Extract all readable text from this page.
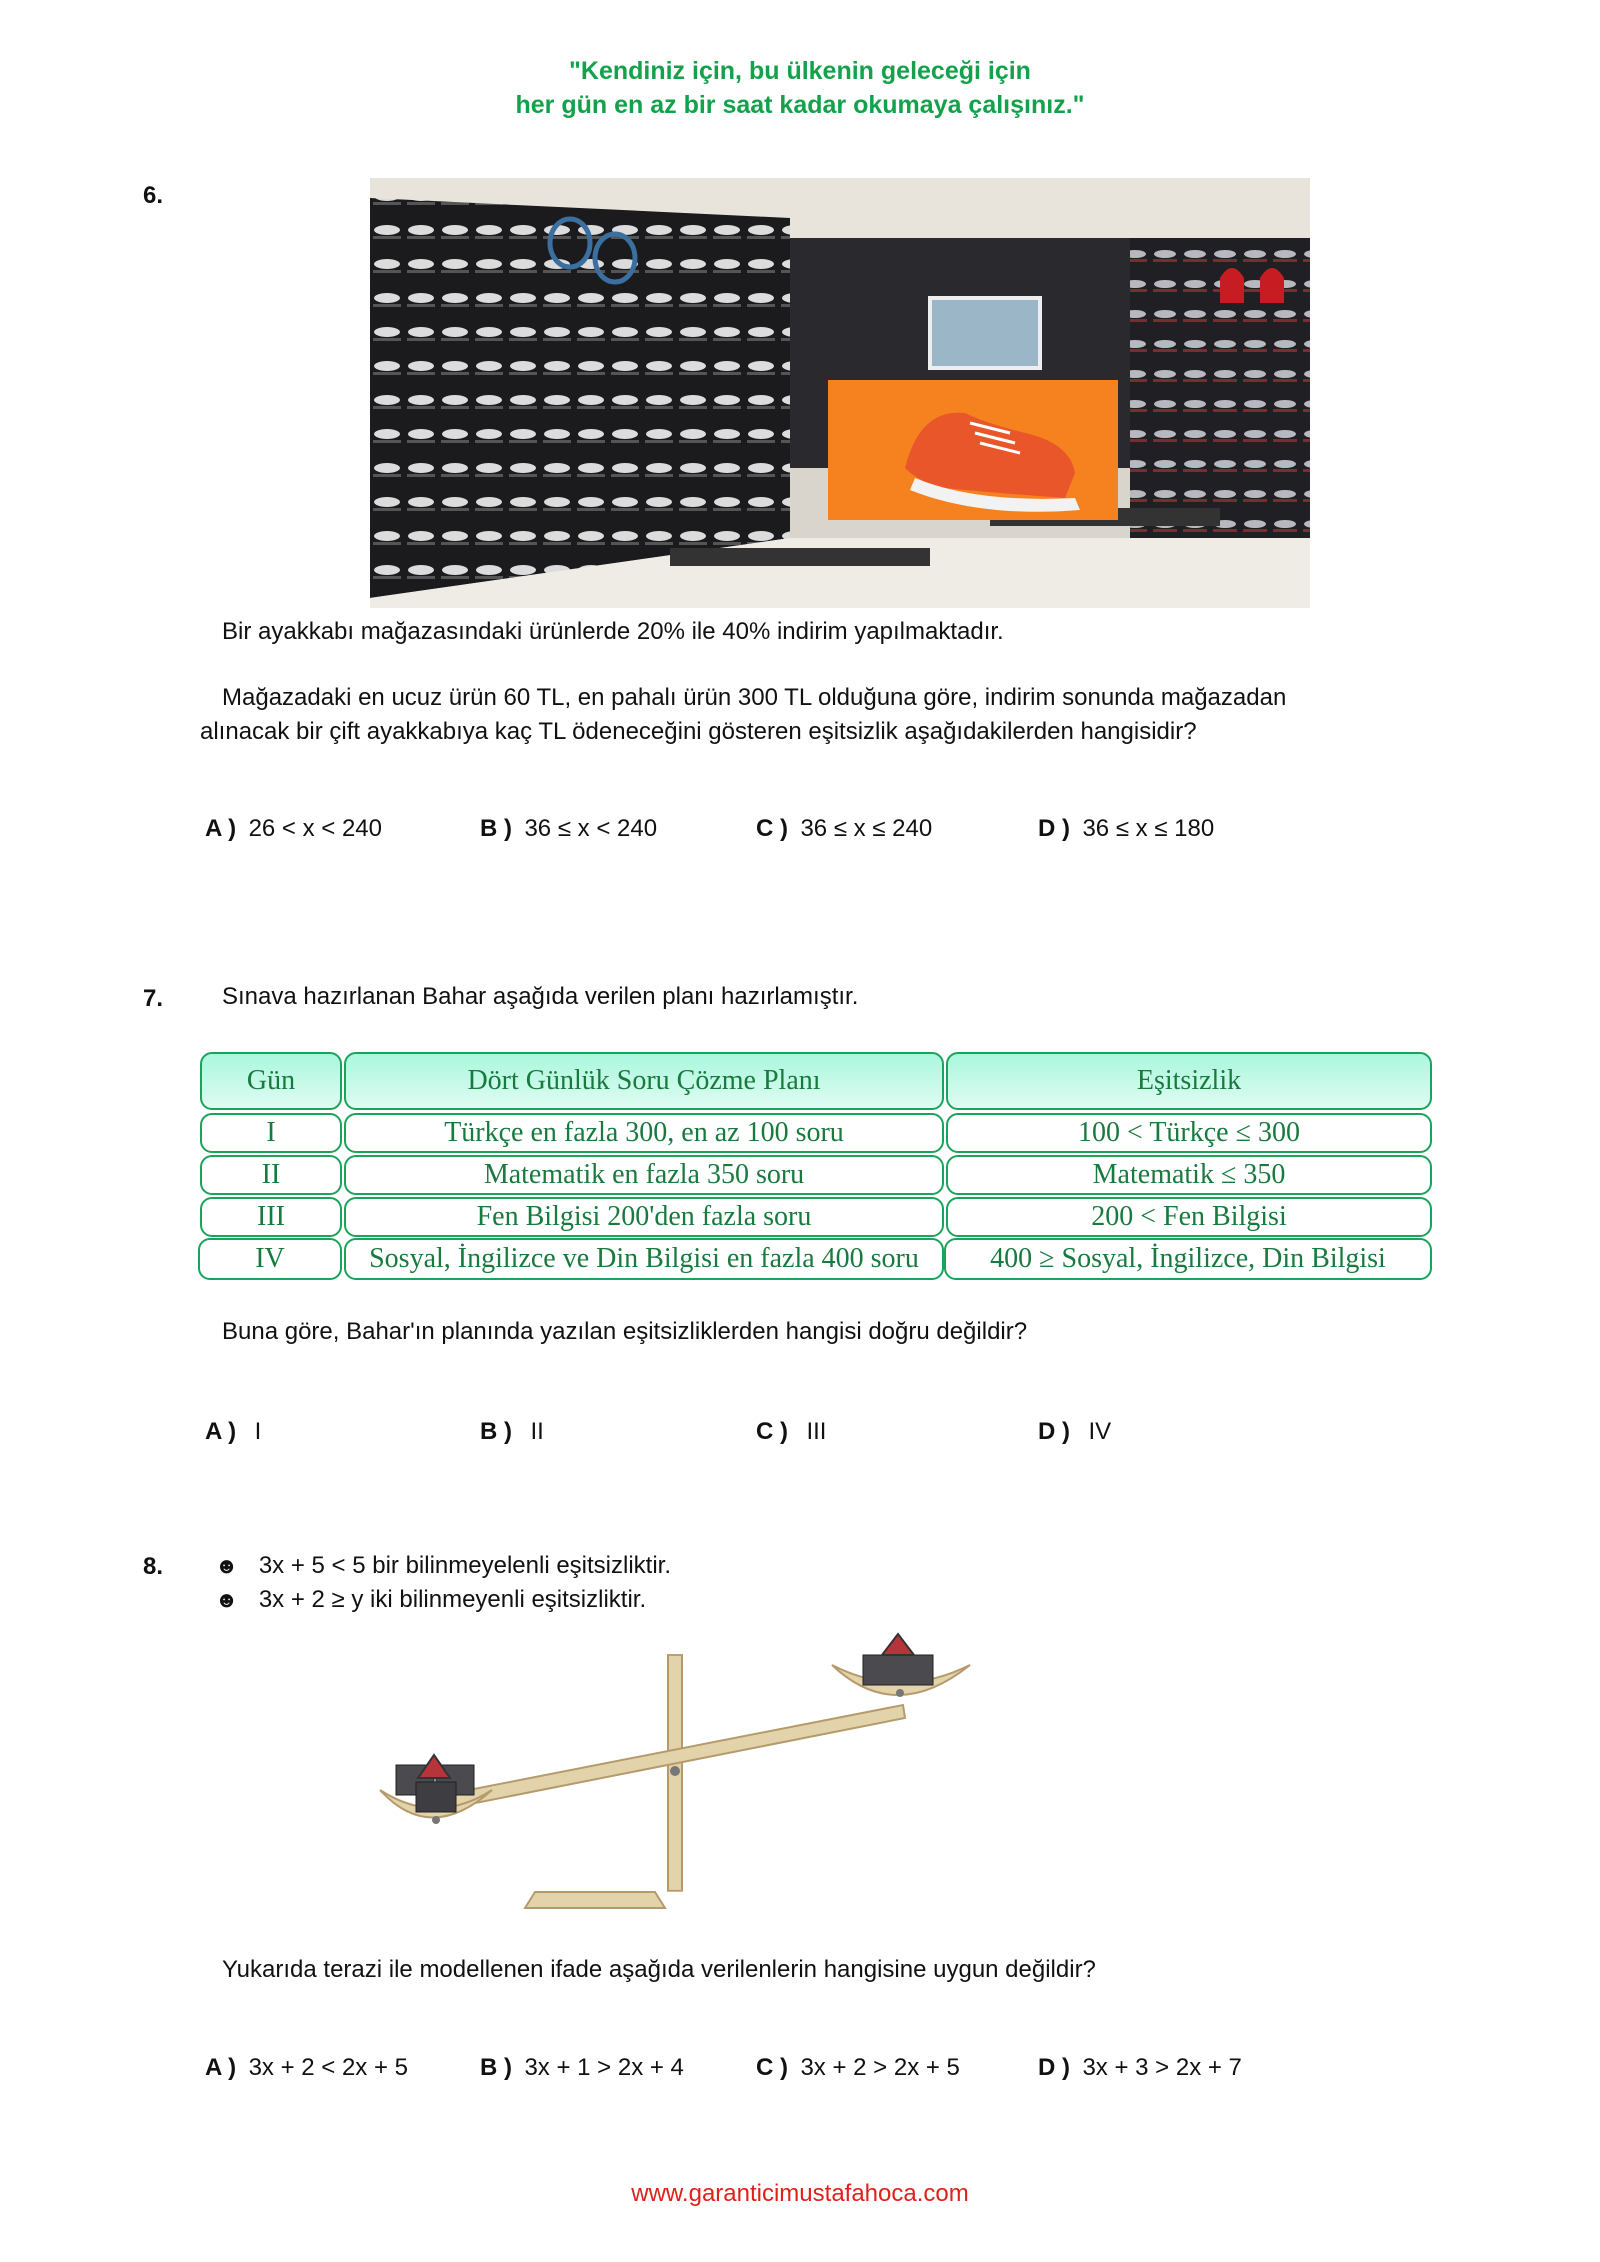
"Kendiniz için, bu ülkenin geleceği için
her gün en az bir saat kadar okumaya çalışınız."
6.
Bir ayakkabı mağazasındaki ürünlerde 20% ile 40% indirim yapılmaktadır.
Mağazadaki en ucuz ürün 60 TL, en pahalı ürün 300 TL olduğuna göre, indirim sonunda mağazadan
alınacak bir çift ayakkabıya kaç TL ödeneceğini gösteren eşitsizlik aşağıdakilerden hangisidir?
A ) 26 < x < 240	B ) 36 ≤ x < 240	C ) 36 ≤ x ≤ 240	D ) 36 ≤ x ≤ 180
7. Sınava hazırlanan Bahar aşağıda verilen planı hazırlamıştır.
Gün	Dört Günlük Soru Çözme Planı	Eşitsizlik
I	Türkçe en fazla 300, en az 100 soru	100 < Türkçe ≤ 300
II	Matematik en fazla 350 soru	Matematik ≤ 350
III	Fen Bilgisi 200'den fazla soru	200 < Fen Bilgisi
IV	Sosyal, İngilizce ve Din Bilgisi en fazla 400 soru	400 ≥ Sosyal, İngilizce, Din Bilgisi
Buna göre, Bahar'ın planında yazılan eşitsizliklerden hangisi doğru değildir?
A ) I	B ) II	C ) III	D ) IV
8. ☻ 3x + 5 < 5 bir bilinmeyelenli eşitsizliktir.
☻ 3x + 2 ≥ y iki bilinmeyenli eşitsizliktir.
Yukarıda terazi ile modellenen ifade aşağıda verilenlerin hangisine uygun değildir?
A ) 3x + 2 < 2x + 5	B ) 3x + 1 > 2x + 4	C ) 3x + 2 > 2x + 5	D ) 3x + 3 > 2x + 7
www.garanticimustafahoca.com
